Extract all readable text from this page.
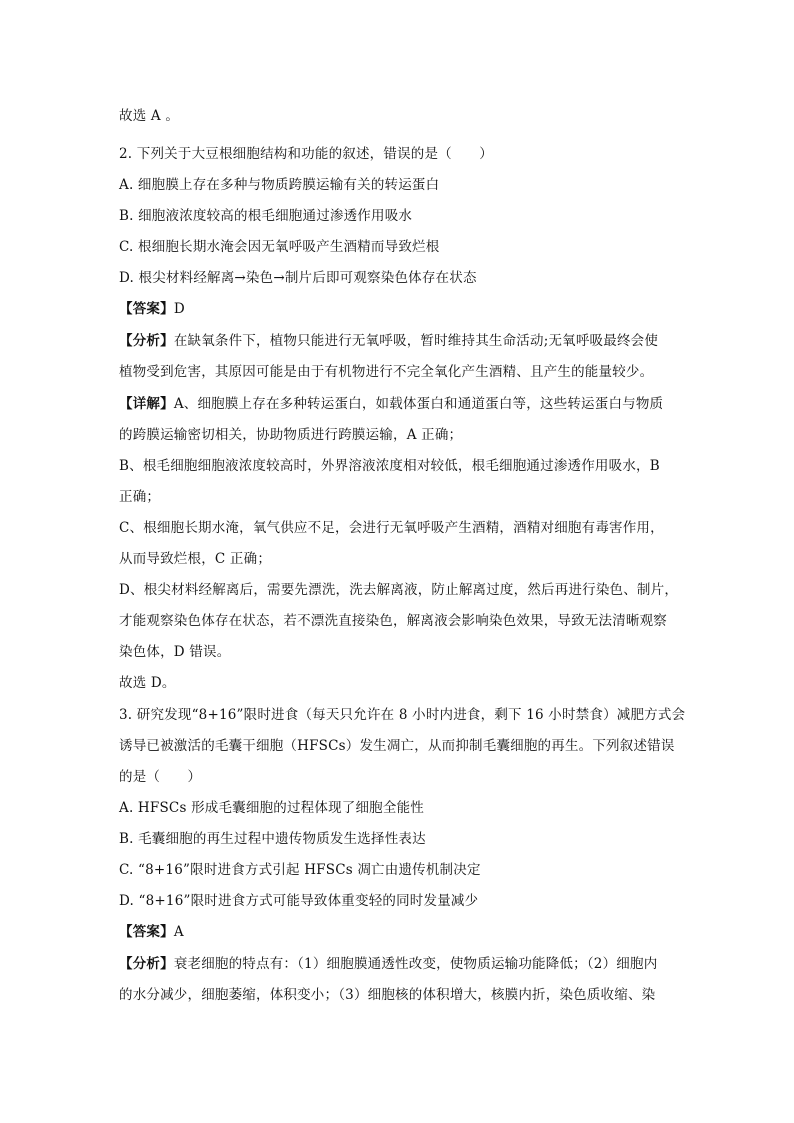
故选 A 。
2. 下列关于大豆根细胞结构和功能的叙述，错误的是（　　）
A. 细胞膜上存在多种与物质跨膜运输有关的转运蛋白
B. 细胞液浓度较高的根毛细胞通过渗透作用吸水
C. 根细胞长期水淹会因无氧呼吸产生酒精而导致烂根
D. 根尖材料经解离→染色→制片后即可观察染色体存在状态
【答案】D
【分析】在缺氧条件下，植物只能进行无氧呼吸，暂时维持其生命活动;无氧呼吸最终会使
植物受到危害，其原因可能是由于有机物进行不完全氧化产生酒精、且产生的能量较少。
【详解】A、细胞膜上存在多种转运蛋白，如载体蛋白和通道蛋白等，这些转运蛋白与物质
的跨膜运输密切相关，协助物质进行跨膜运输，A 正确；
B、根毛细胞细胞液浓度较高时，外界溶液浓度相对较低，根毛细胞通过渗透作用吸水，B
正确；
C、根细胞长期水淹，氧气供应不足，会进行无氧呼吸产生酒精，酒精对细胞有毒害作用，
从而导致烂根，C 正确；
D、根尖材料经解离后，需要先漂洗，洗去解离液，防止解离过度，然后再进行染色、制片，
才能观察染色体存在状态，若不漂洗直接染色，解离液会影响染色效果，导致无法清晰观察
染色体，D 错误。
故选 D。
3. 研究发现“8+16”限时进食（每天只允许在 8 小时内进食，剩下 16 小时禁食）减肥方式会
诱导已被激活的毛囊干细胞（HFSCs）发生凋亡，从而抑制毛囊细胞的再生。下列叙述错误
的是（　　）
A. HFSCs 形成毛囊细胞的过程体现了细胞全能性
B. 毛囊细胞的再生过程中遗传物质发生选择性表达
C. “8+16”限时进食方式引起 HFSCs 凋亡由遗传机制决定
D. “8+16”限时进食方式可能导致体重变轻的同时发量减少
【答案】A
【分析】衰老细胞的特点有：（1）细胞膜通透性改变，使物质运输功能降低；（2）细胞内
的水分减少，细胞萎缩，体积变小；（3）细胞核的体积增大，核膜内折，染色质收缩、染
